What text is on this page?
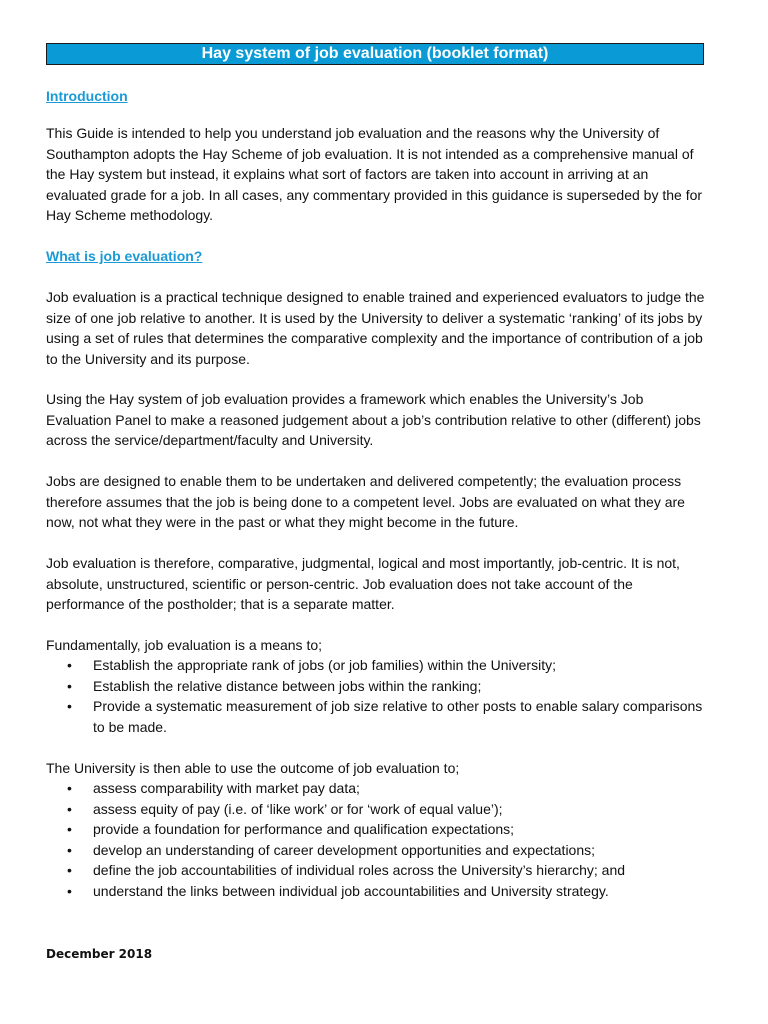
Hay system of job evaluation (booklet format)
Introduction

This Guide is intended to help you understand job evaluation and the reasons why the University of Southampton adopts the Hay Scheme of job evaluation. It is not intended as a comprehensive manual of the Hay system but instead, it explains what sort of factors are taken into account in arriving at an evaluated grade for a job. In all cases, any commentary provided in this guidance is superseded by the for Hay Scheme methodology.

What is job evaluation?

Job evaluation is a practical technique designed to enable trained and experienced evaluators to judge the size of one job relative to another. It is used by the University to deliver a systematic ‘ranking’ of its jobs by using a set of rules that determines the comparative complexity and the importance of contribution of a job to the University and its purpose.

Using the Hay system of job evaluation provides a framework which enables the University’s Job Evaluation Panel to make a reasoned judgement about a job’s contribution relative to other (different) jobs across the service/department/faculty and University.

Jobs are designed to enable them to be undertaken and delivered competently; the evaluation process therefore assumes that the job is being done to a competent level. Jobs are evaluated on what they are now, not what they were in the past or what they might become in the future.

Job evaluation is therefore, comparative, judgmental, logical and most importantly, job-centric. It is not, absolute, unstructured, scientific or person-centric. Job evaluation does not take account of the performance of the postholder; that is a separate matter.

Fundamentally, job evaluation is a means to;

• Establish the appropriate rank of jobs (or job families) within the University;
• Establish the relative distance between jobs within the ranking;
• Provide a systematic measurement of job size relative to other posts to enable salary comparisons to be made.

The University is then able to use the outcome of job evaluation to;

• assess comparability with market pay data;
• assess equity of pay (i.e. of ‘like work’ or for ‘work of equal value’);
• provide a foundation for performance and qualification expectations;
• develop an understanding of career development opportunities and expectations;
• define the job accountabilities of individual roles across the University’s hierarchy; and
• understand the links between individual job accountabilities and University strategy.
December 2018
